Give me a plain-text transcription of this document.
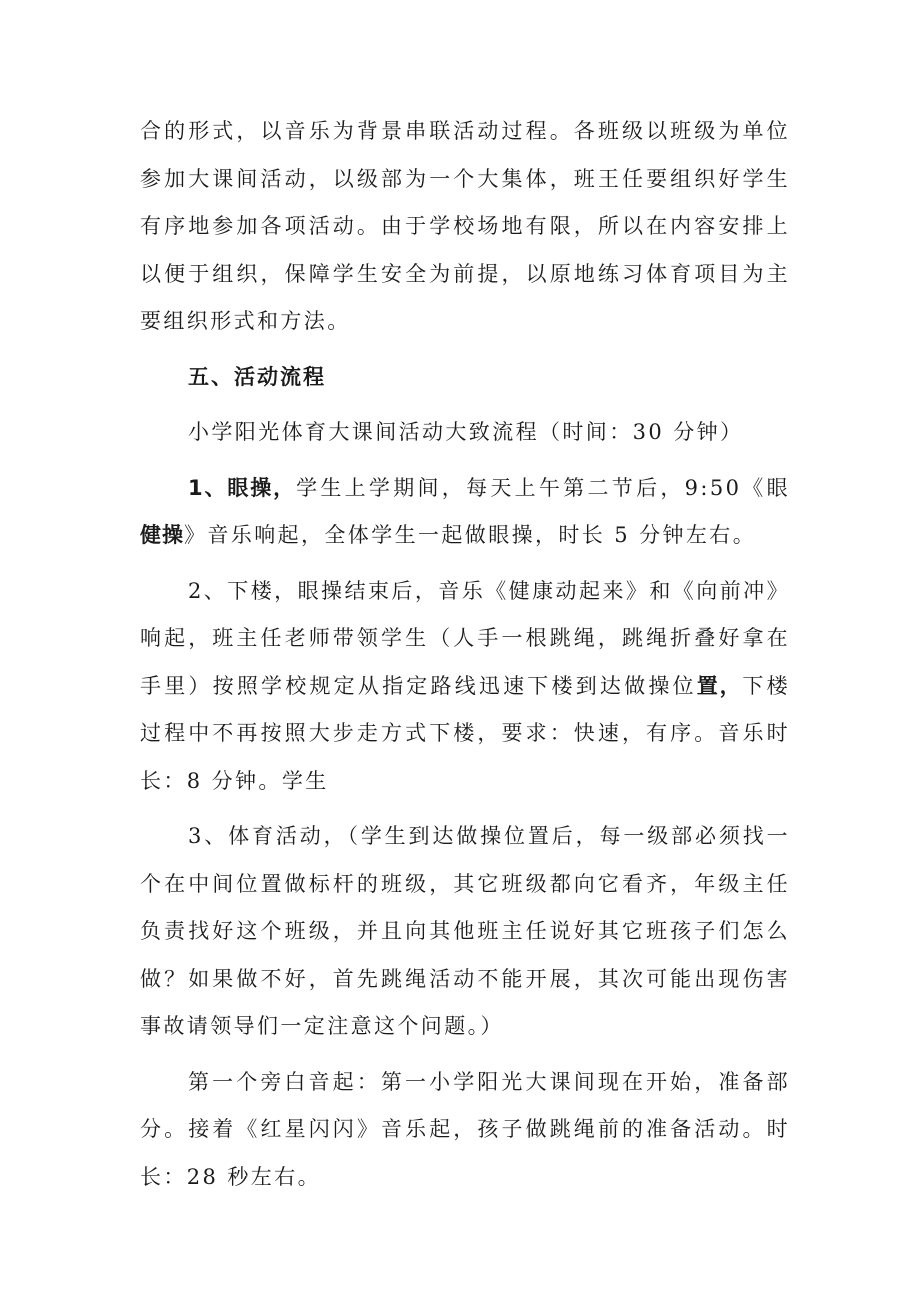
合的形式，以音乐为背景串联活动过程。各班级以班级为单位参加大课间活动，以级部为一个大集体，班王任要组织好学生有序地参加各项活动。由于学校场地有限，所以在内容安排上以便于组织，保障学生安全为前提，以原地练习体育项目为主要组织形式和方法。

五、活动流程

小学阳光体育大课间活动大致流程（时间：30 分钟）

1、眼操，学生上学期间，每天上午第二节后，9:50《眼健操》音乐响起，全体学生一起做眼操，时长 5 分钟左右。

2、下楼，眼操结束后，音乐《健康动起来》和《向前冲》响起，班主任老师带领学生（人手一根跳绳，跳绳折叠好拿在手里）按照学校规定从指定路线迅速下楼到达做操位置，下楼过程中不再按照大步走方式下楼，要求：快速，有序。音乐时长：8 分钟。学生

3、体育活动，（学生到达做操位置后，每一级部必须找一个在中间位置做标杆的班级，其它班级都向它看齐，年级主任负责找好这个班级，并且向其他班主任说好其它班孩子们怎么做？如果做不好，首先跳绳活动不能开展，其次可能出现伤害事故请领导们一定注意这个问题。）

第一个旁白音起：第一小学阳光大课间现在开始，准备部分。接着《红星闪闪》音乐起，孩子做跳绳前的准备活动。时长：28 秒左右。
